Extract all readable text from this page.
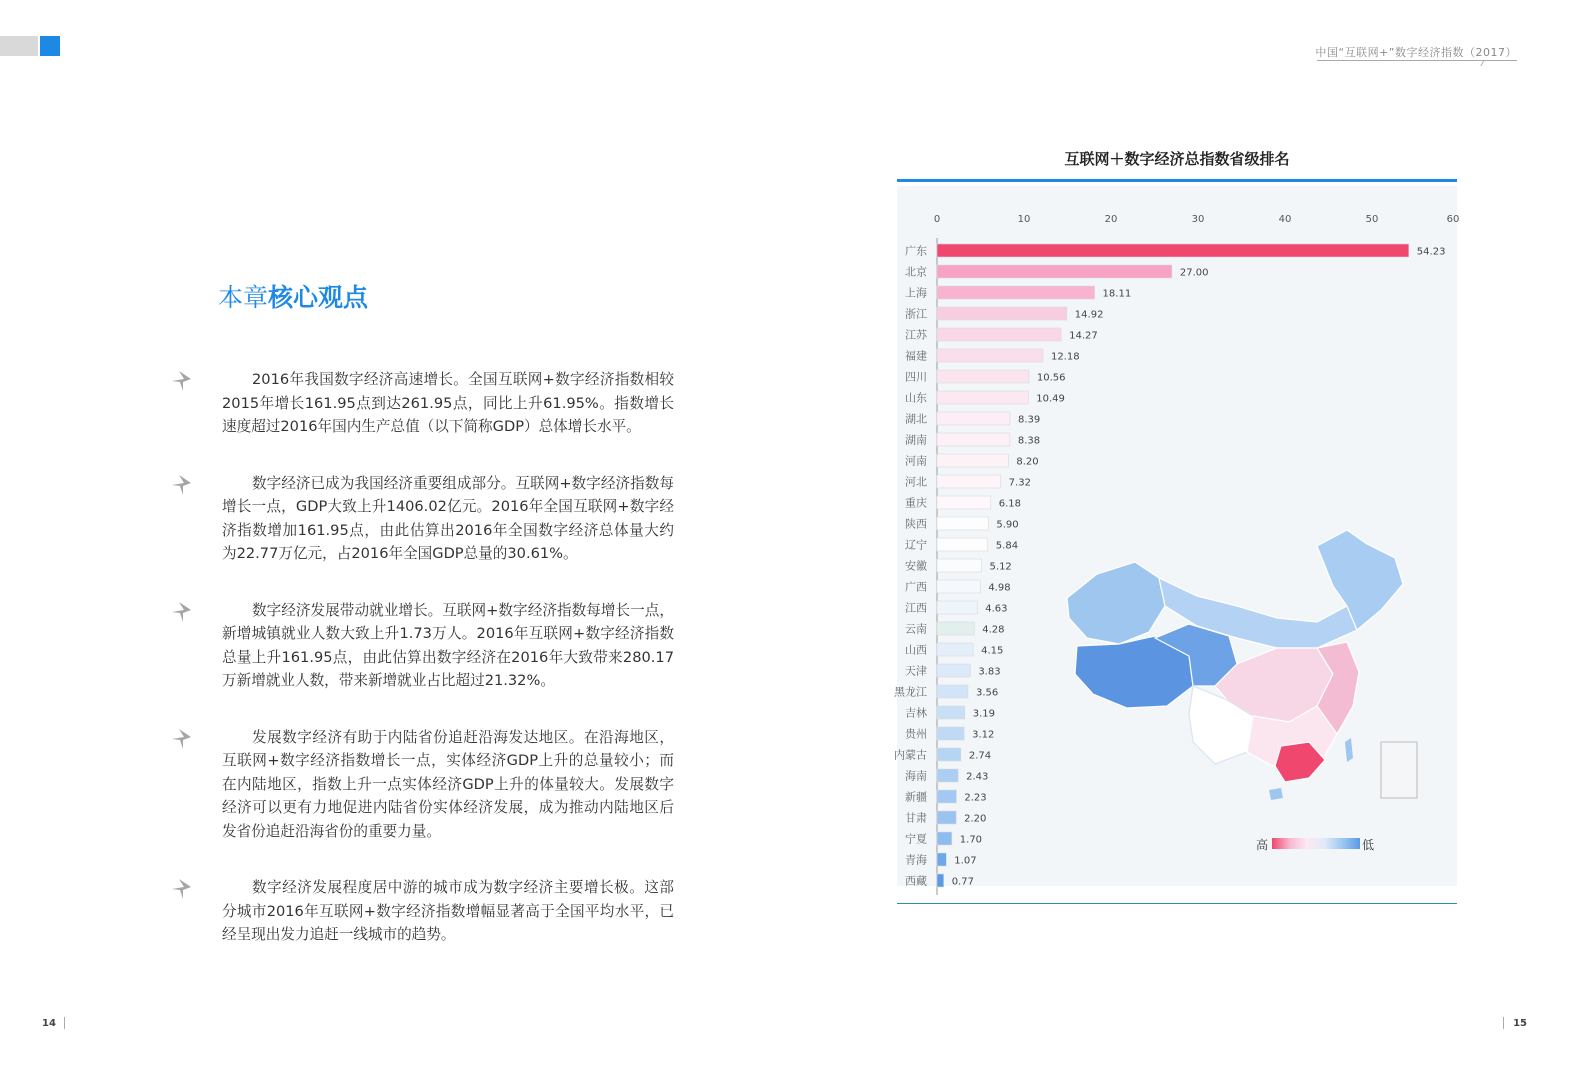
中国“互联网+”数字经济指数（2017）
本章核心观点

2016年我国数字经济高速增长。全国互联网+数字经济指数相较2015年增长161.95点到达261.95点，同比上升61.95%。指数增长速度超过2016年国内生产总值（以下简称GDP）总体增长水平。

数字经济已成为我国经济重要组成部分。互联网+数字经济指数每增长一点，GDP大致上升1406.02亿元。2016年全国互联网+数字经济指数增加161.95点，由此估算出2016年全国数字经济总体量大约为22.77万亿元，占2016年全国GDP总量的30.61%。

数字经济发展带动就业增长。互联网+数字经济指数每增长一点，新增城镇就业人数大致上升1.73万人。2016年互联网+数字经济指数总量上升161.95点，由此估算出数字经济在2016年大致带来280.17万新增就业人数，带来新增就业占比超过21.32%。

发展数字经济有助于内陆省份追赶沿海发达地区。在沿海地区，互联网+数字经济指数增长一点，实体经济GDP上升的总量较小；而在内陆地区，指数上升一点实体经济GDP上升的体量较大。发展数字经济可以更有力地促进内陆省份实体经济发展，成为推动内陆地区后发省份追赶沿海省份的重要力量。

数字经济发展程度居中游的城市成为数字经济主要增长极。这部分城市2016年互联网+数字经济指数增幅显著高于全国平均水平，已经呈现出发力追赶一线城市的趋势。

14	15
互联网＋数字经济总指数省级排名
0	10	20	30	40	50	60
广东	54.23
北京	27.00
上海	18.11
浙江	14.92
江苏	14.27
福建	12.18
四川	10.56
山东	10.49
湖北	8.39
湖南	8.38
河南	8.20
河北	7.32
重庆	6.18
陕西	5.90
辽宁	5.84
安徽	5.12
广西	4.98
江西	4.63
云南	4.28
山西	4.15
天津	3.83
黑龙江	3.56
吉林	3.19
贵州	3.12
内蒙古	2.74
海南	2.43
新疆	2.23
甘肃	2.20
宁夏	1.70
青海	1.07
西藏 0.77
高	低
